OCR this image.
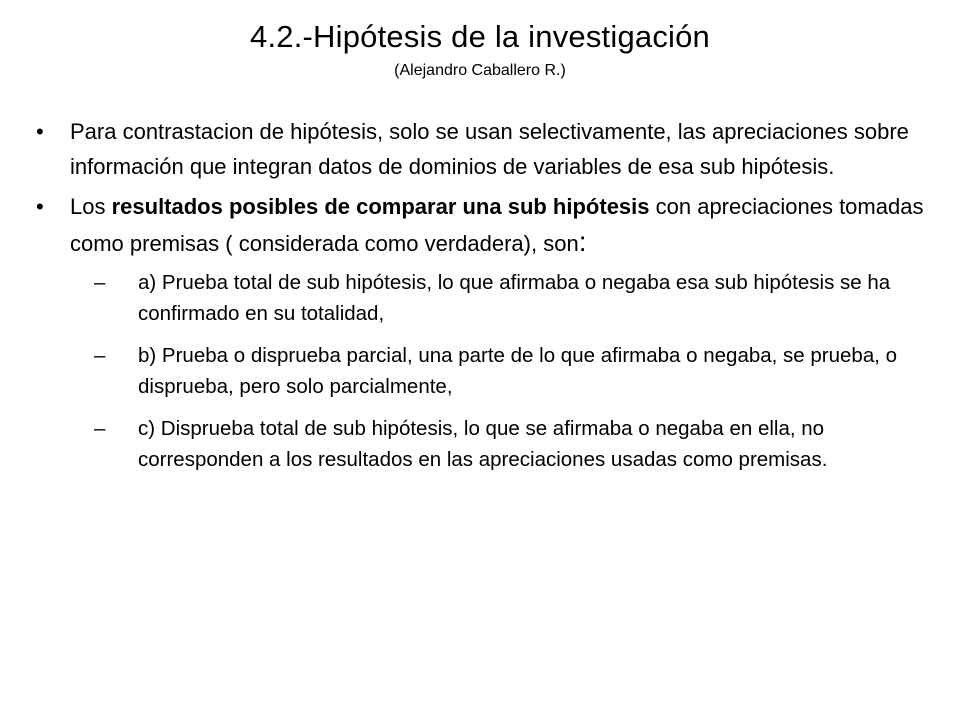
4.2.-Hipótesis de la investigación
(Alejandro Caballero R.)
• Para contrastacion de hipótesis, solo se usan selectivamente, las apreciaciones sobre información que integran datos de dominios de variables de esa sub hipótesis.
• Los resultados posibles de comparar una sub hipótesis con apreciaciones tomadas como premisas ( considerada como verdadera), son:
– a) Prueba total de sub hipótesis, lo que afirmaba o negaba esa sub hipótesis se ha confirmado en su totalidad,
– b) Prueba o disprueba parcial, una parte de lo que afirmaba o negaba, se prueba, o disprueba, pero solo parcialmente,
– c) Disprueba total de sub hipótesis, lo que se afirmaba o negaba en ella, no corresponden a los resultados en las apreciaciones usadas como premisas.
